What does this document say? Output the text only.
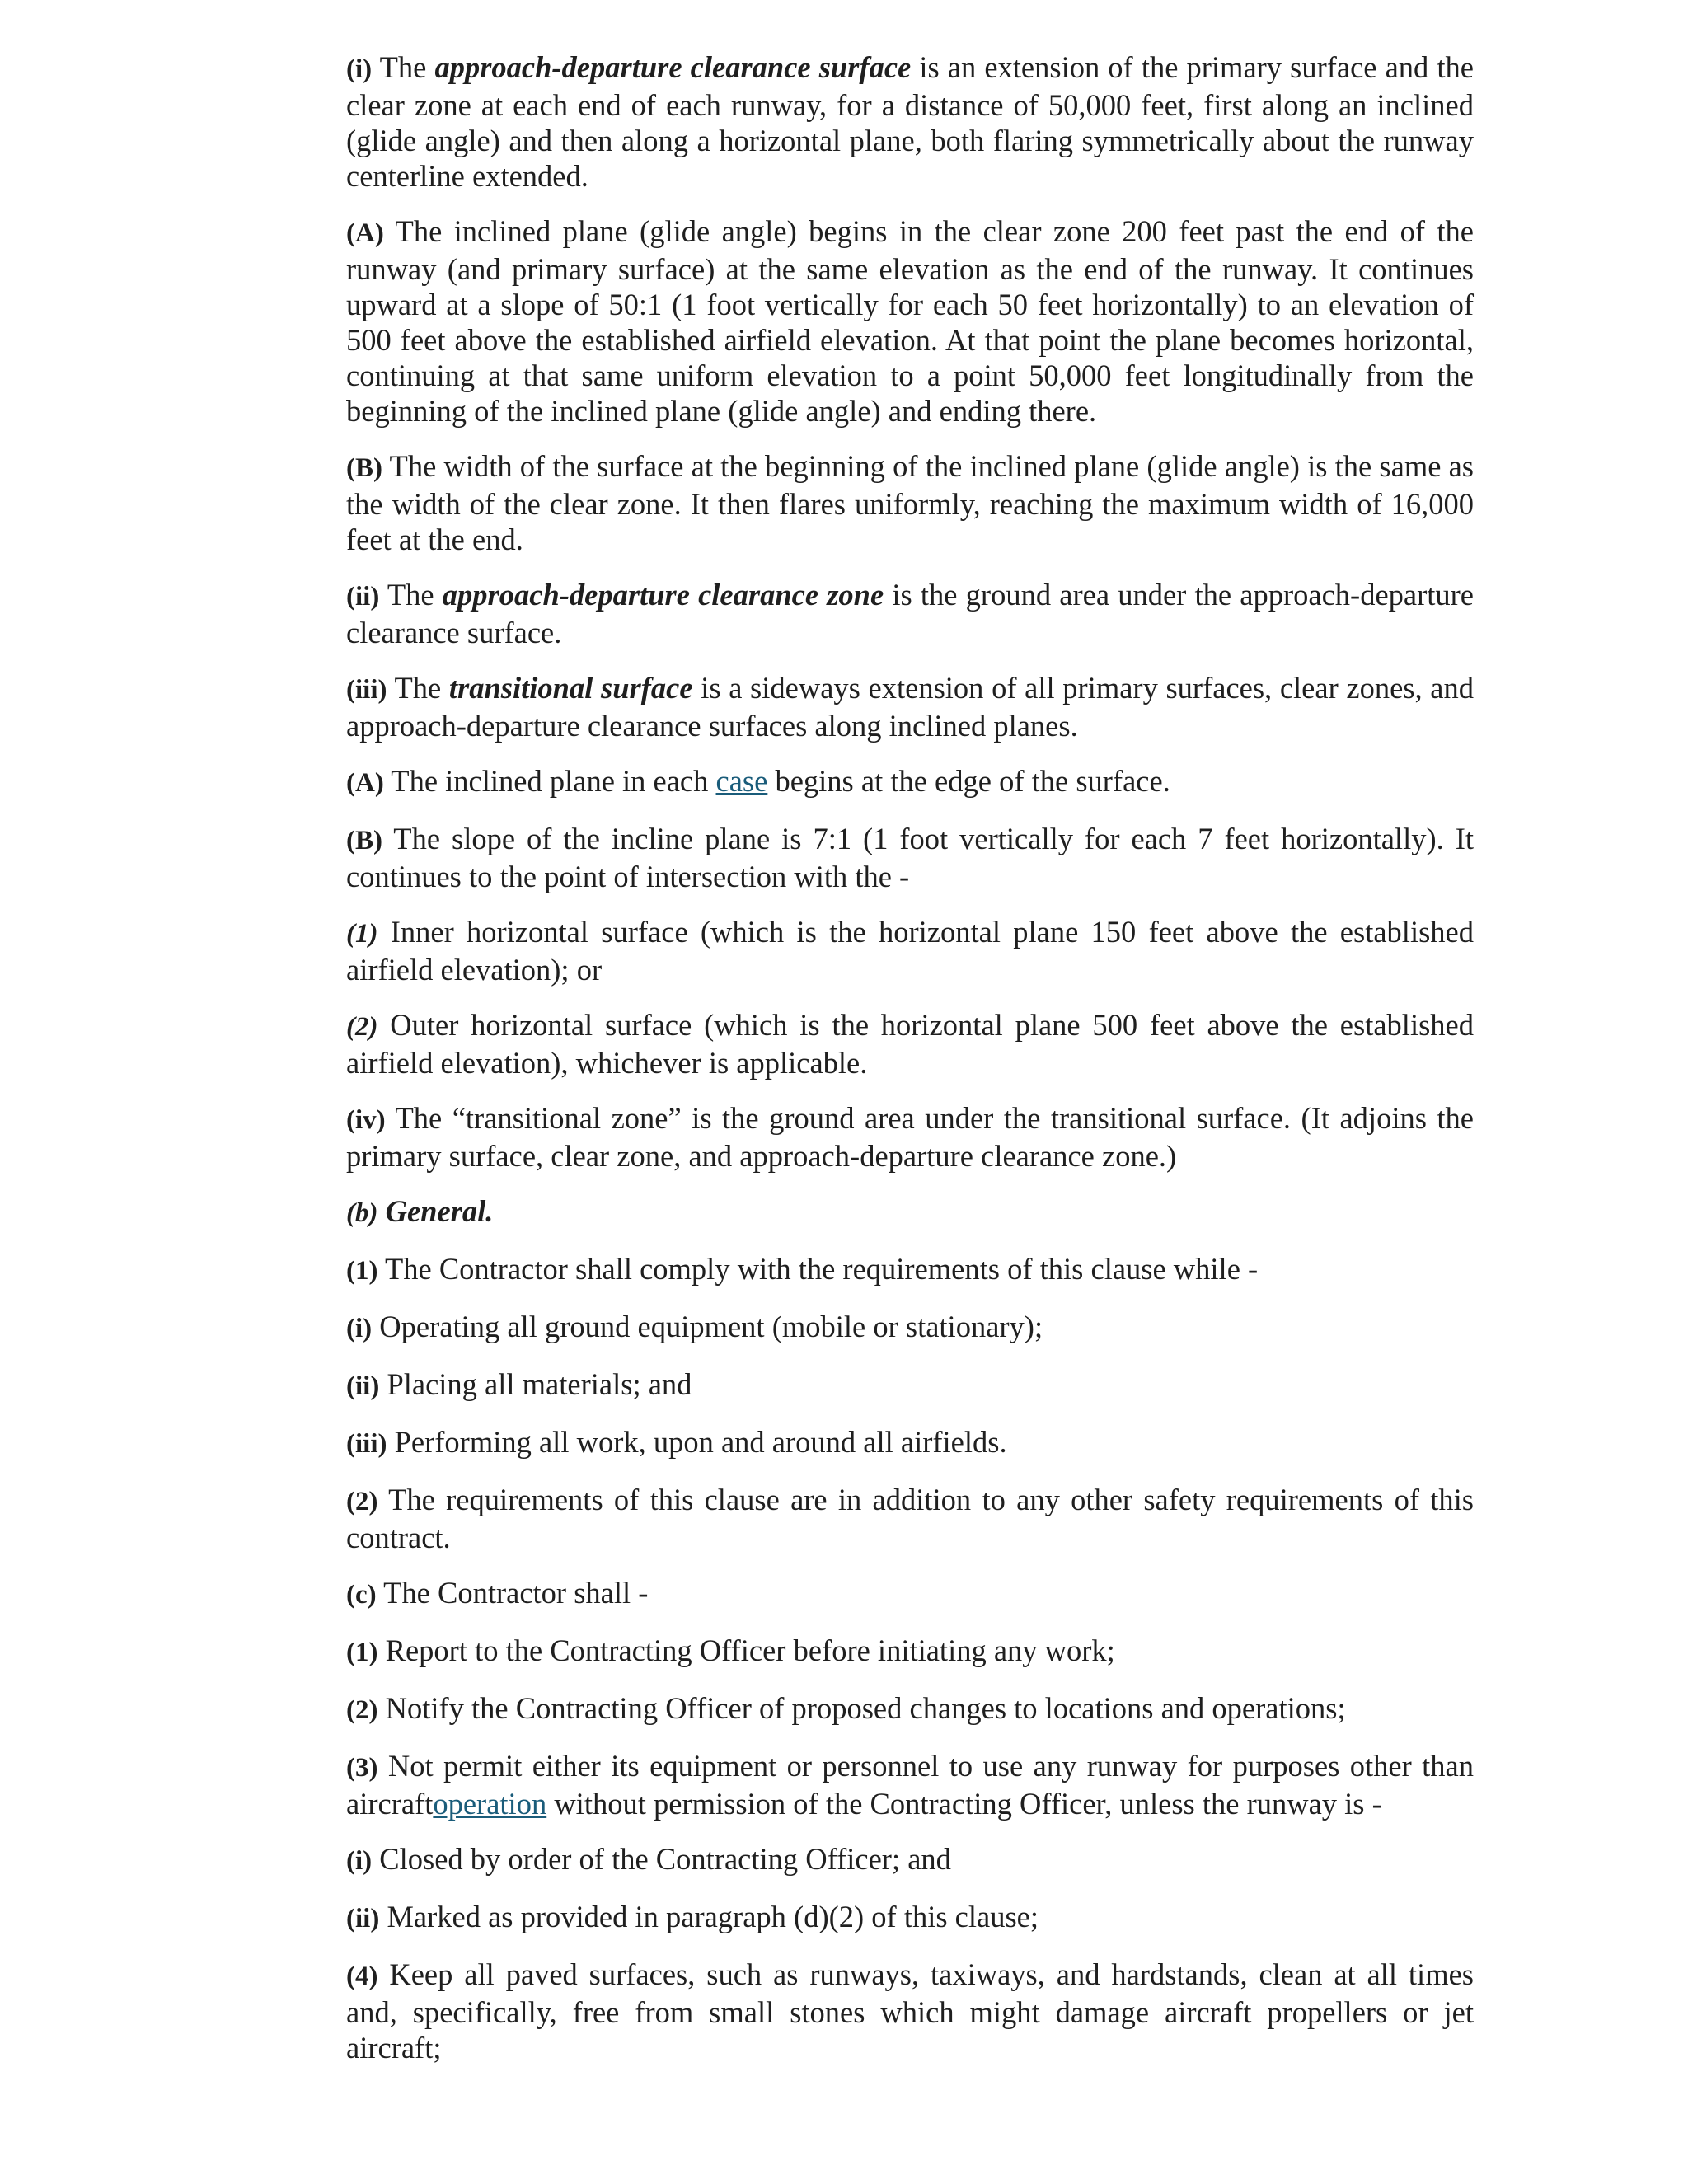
(i) The approach-departure clearance surface is an extension of the primary surface and the clear zone at each end of each runway, for a distance of 50,000 feet, first along an inclined (glide angle) and then along a horizontal plane, both flaring symmetrically about the runway centerline extended.

(A) The inclined plane (glide angle) begins in the clear zone 200 feet past the end of the runway (and primary surface) at the same elevation as the end of the runway. It continues upward at a slope of 50:1 (1 foot vertically for each 50 feet horizontally) to an elevation of 500 feet above the established airfield elevation. At that point the plane becomes horizontal, continuing at that same uniform elevation to a point 50,000 feet longitudinally from the beginning of the inclined plane (glide angle) and ending there.

(B) The width of the surface at the beginning of the inclined plane (glide angle) is the same as the width of the clear zone. It then flares uniformly, reaching the maximum width of 16,000 feet at the end.

(ii) The approach-departure clearance zone is the ground area under the approach-departure clearance surface.

(iii) The transitional surface is a sideways extension of all primary surfaces, clear zones, and approach-departure clearance surfaces along inclined planes.

(A) The inclined plane in each case begins at the edge of the surface.

(B) The slope of the incline plane is 7:1 (1 foot vertically for each 7 feet horizontally). It continues to the point of intersection with the -

(1) Inner horizontal surface (which is the horizontal plane 150 feet above the established airfield elevation); or

(2) Outer horizontal surface (which is the horizontal plane 500 feet above the established airfield elevation), whichever is applicable.

(iv) The “transitional zone” is the ground area under the transitional surface. (It adjoins the primary surface, clear zone, and approach-departure clearance zone.)

(b) General.

(1) The Contractor shall comply with the requirements of this clause while -

(i) Operating all ground equipment (mobile or stationary);

(ii) Placing all materials; and

(iii) Performing all work, upon and around all airfields.

(2) The requirements of this clause are in addition to any other safety requirements of this contract.

(c) The Contractor shall -

(1) Report to the Contracting Officer before initiating any work;

(2) Notify the Contracting Officer of proposed changes to locations and operations;

(3) Not permit either its equipment or personnel to use any runway for purposes other than aircraftoperation without permission of the Contracting Officer, unless the runway is -

(i) Closed by order of the Contracting Officer; and

(ii) Marked as provided in paragraph (d)(2) of this clause;

(4) Keep all paved surfaces, such as runways, taxiways, and hardstands, clean at all times and, specifically, free from small stones which might damage aircraft propellers or jet aircraft;
